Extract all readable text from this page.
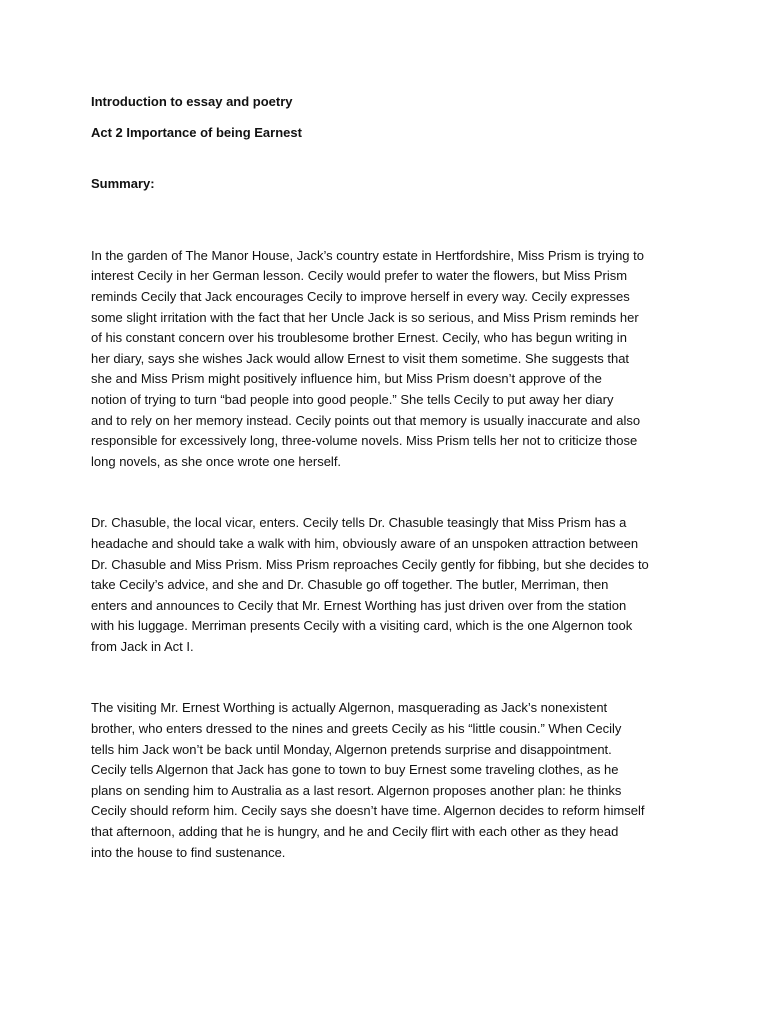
Introduction to essay and poetry

Act 2 Importance of being Earnest

Summary:

In the garden of The Manor House, Jack’s country estate in Hertfordshire, Miss Prism is trying to
interest Cecily in her German lesson. Cecily would prefer to water the flowers, but Miss Prism
reminds Cecily that Jack encourages Cecily to improve herself in every way. Cecily expresses
some slight irritation with the fact that her Uncle Jack is so serious, and Miss Prism reminds her
of his constant concern over his troublesome brother Ernest. Cecily, who has begun writing in
her diary, says she wishes Jack would allow Ernest to visit them sometime. She suggests that
she and Miss Prism might positively influence him, but Miss Prism doesn’t approve of the
notion of trying to turn “bad people into good people.” She tells Cecily to put away her diary
and to rely on her memory instead. Cecily points out that memory is usually inaccurate and also
responsible for excessively long, three-volume novels. Miss Prism tells her not to criticize those
long novels, as she once wrote one herself.
Dr. Chasuble, the local vicar, enters. Cecily tells Dr. Chasuble teasingly that Miss Prism has a
headache and should take a walk with him, obviously aware of an unspoken attraction between
Dr. Chasuble and Miss Prism. Miss Prism reproaches Cecily gently for fibbing, but she decides to
take Cecily’s advice, and she and Dr. Chasuble go off together. The butler, Merriman, then
enters and announces to Cecily that Mr. Ernest Worthing has just driven over from the station
with his luggage. Merriman presents Cecily with a visiting card, which is the one Algernon took
from Jack in Act I.
The visiting Mr. Ernest Worthing is actually Algernon, masquerading as Jack’s nonexistent
brother, who enters dressed to the nines and greets Cecily as his “little cousin.” When Cecily
tells him Jack won’t be back until Monday, Algernon pretends surprise and disappointment.
Cecily tells Algernon that Jack has gone to town to buy Ernest some traveling clothes, as he
plans on sending him to Australia as a last resort. Algernon proposes another plan: he thinks
Cecily should reform him. Cecily says she doesn’t have time. Algernon decides to reform himself
that afternoon, adding that he is hungry, and he and Cecily flirt with each other as they head
into the house to find sustenance.
